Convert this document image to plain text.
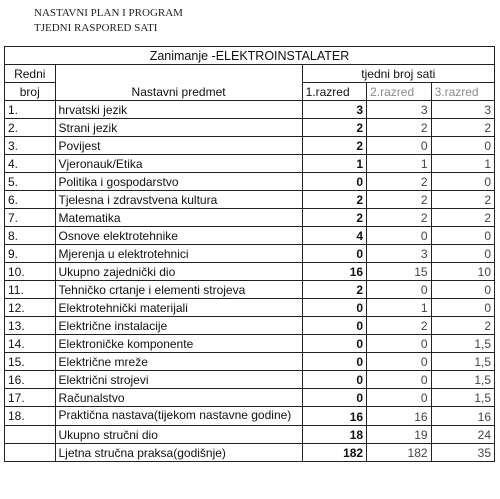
NASTAVNI PLAN I PROGRAM
TJEDNI RASPORED SATI
Zanimanje -ELEKTROINSTALATER				
Redni	Nastavni predmet	tjedni broj sati		
broj		1.razred	2.razred	3.razred
1.	hrvatski jezik	3	3	3
2.	Strani jezik	2	2	2
3.	Povijest	2	0	0
4.	Vjeronauk/Etika	1	1	1
5.	Politika i gospodarstvo	0	2	0
6.	Tjelesna i zdravstvena kultura	2	2	2
7.	Matematika	2	2	2
8.	Osnove elektrotehnike	4	0	0
9.	Mjerenja u elektrotehnici	0	3	0
10.	Ukupno zajednički dio	16	15	10
11.	Tehničko crtanje i elementi strojeva	2	0	0
12.	Elektrotehnički materijali	0	1	0
13.	Električne instalacije	0	2	2
14.	Elektroničke komponente	0	0	1,5
15.	Električne mreže	0	0	1,5
16.	Električni strojevi	0	0	1,5
17.	Računalstvo	0	0	1,5
18.	Praktična nastava(tijekom nastavne godine)	16	16	16
	Ukupno stručni dio	18	19	24
	Ljetna stručna praksa(godišnje)	182	182	35
